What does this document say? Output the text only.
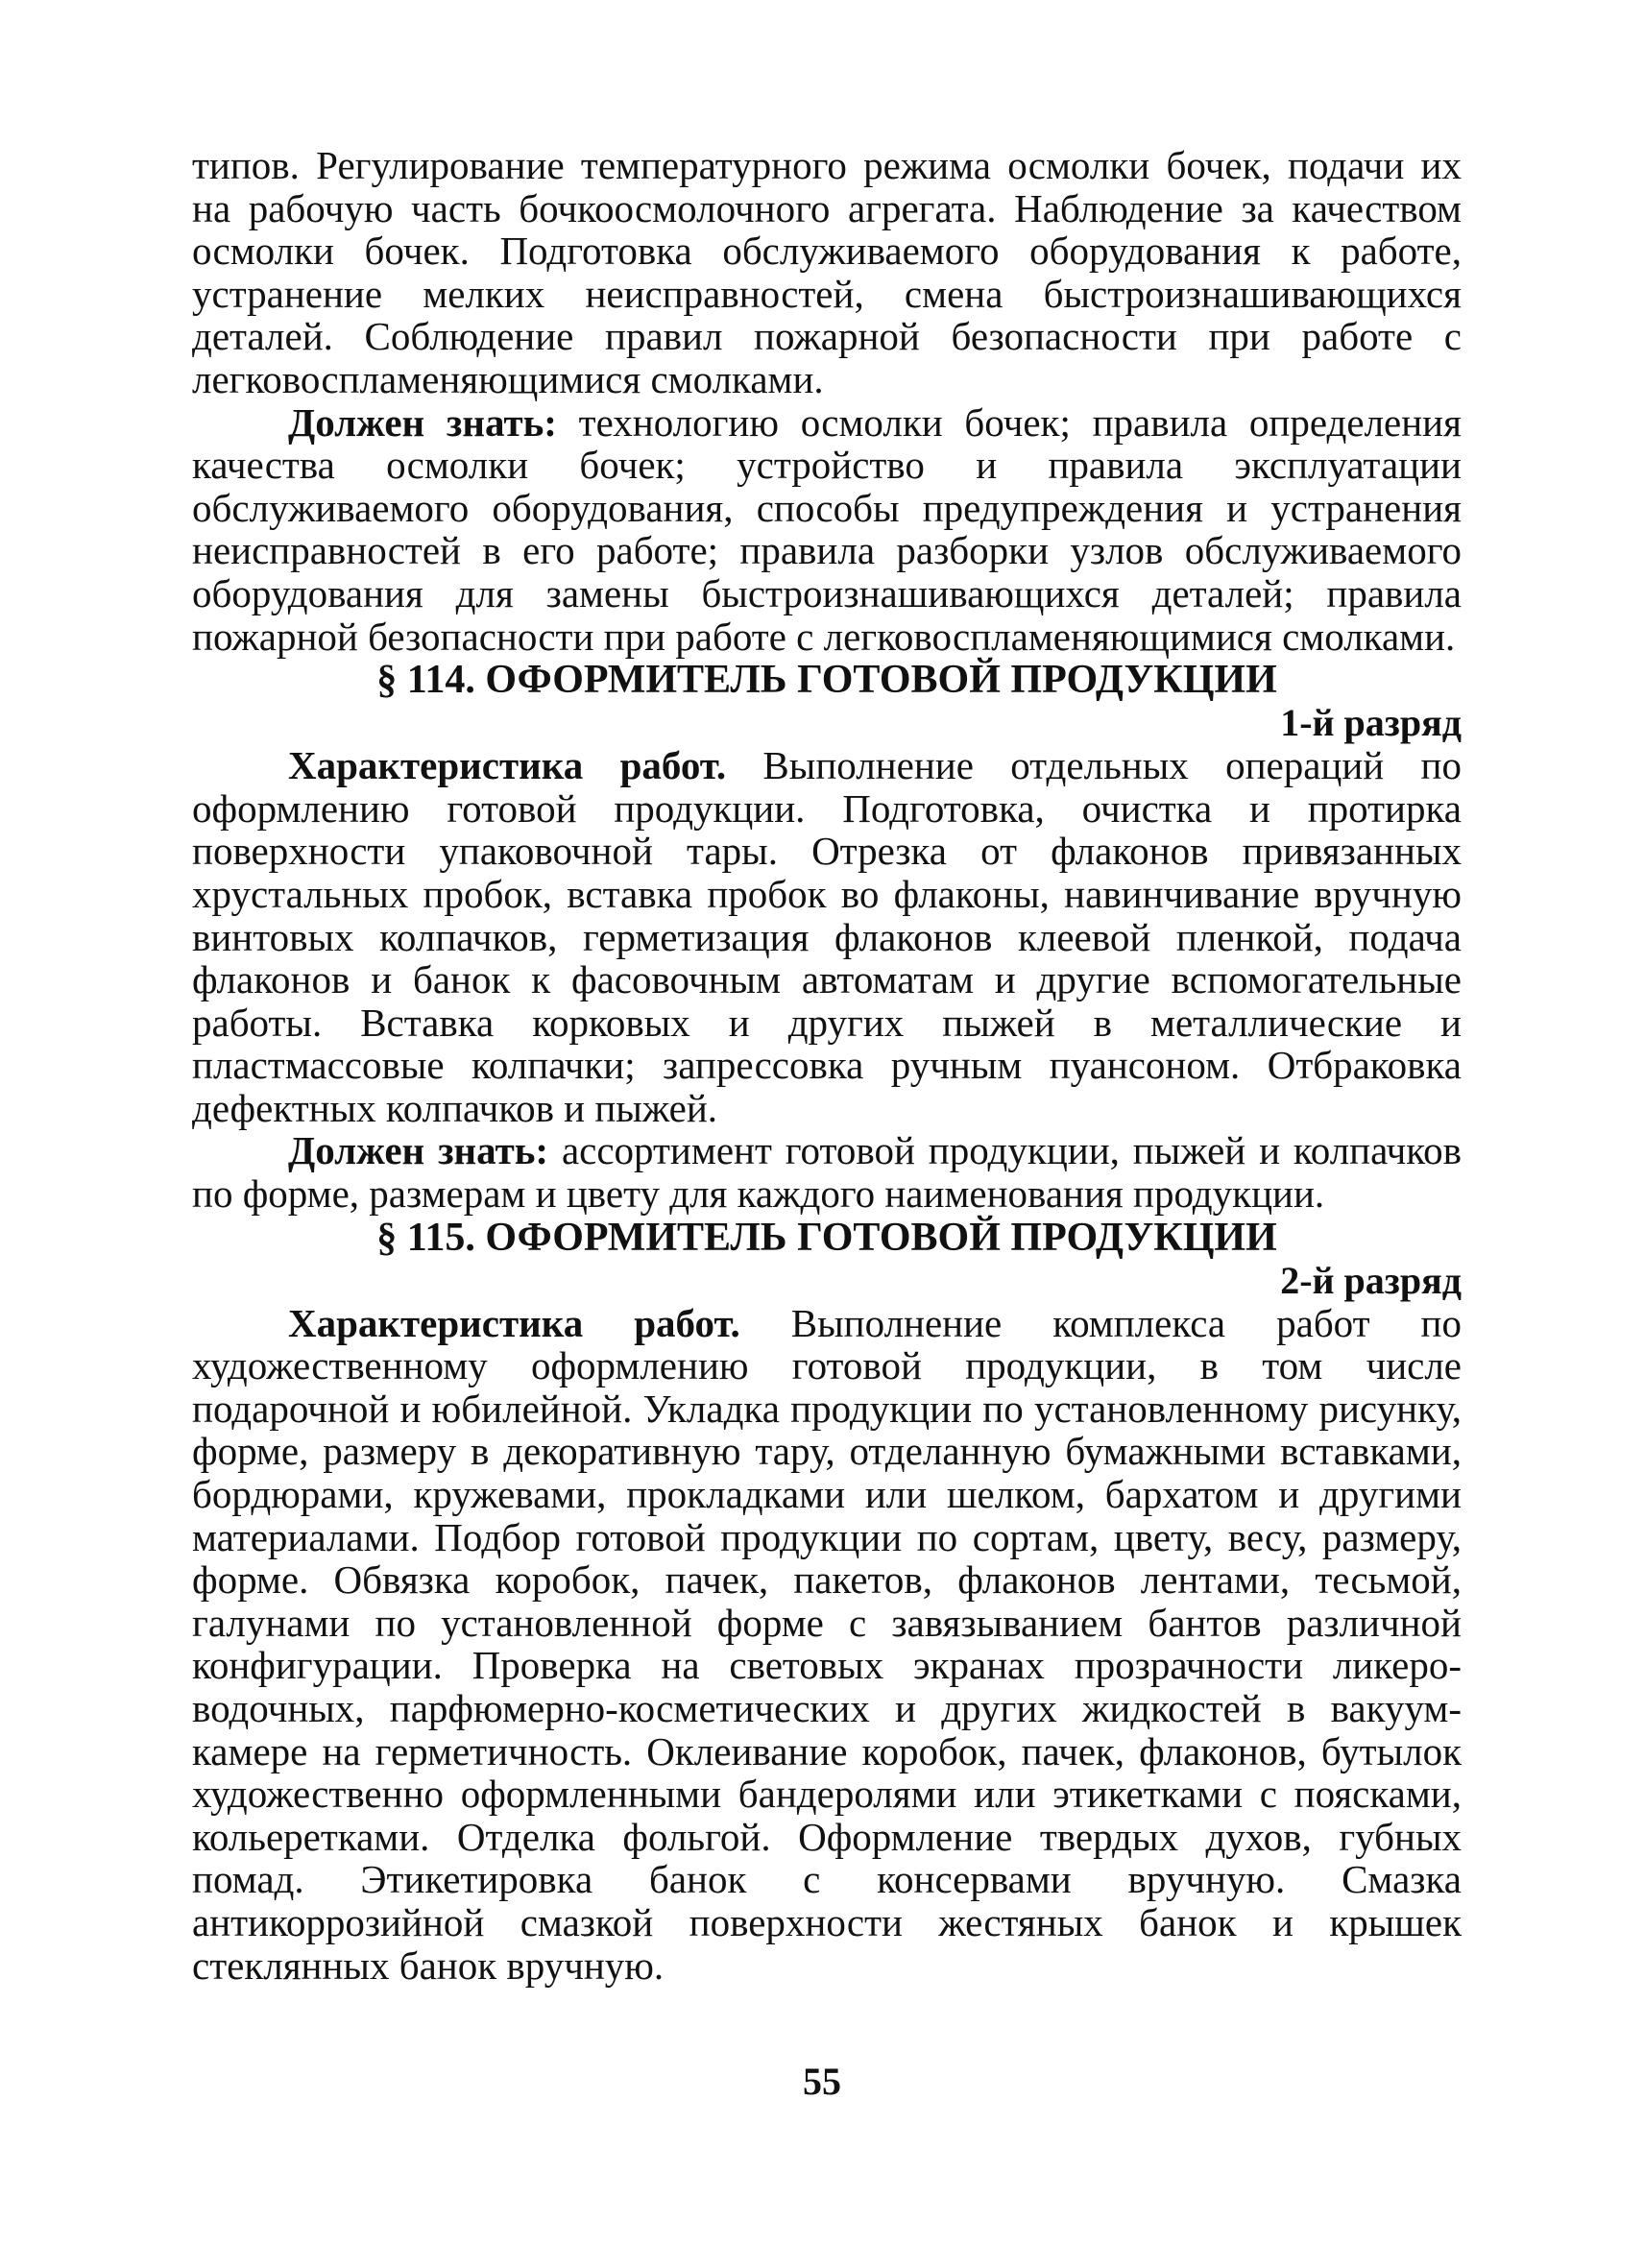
типов. Регулирование температурного режима осмолки бочек, подачи их на рабочую часть бочкоосмолочного агрегата. Наблюдение за качеством осмолки бочек. Подготовка обслуживаемого оборудования к работе, устранение мелких неисправностей, смена быстроизнашивающихся деталей. Соблюдение правил пожарной безопасности при работе с легковоспламеняющимися смолками.

Должен знать: технологию осмолки бочек; правила определения качества осмолки бочек; устройство и правила эксплуатации обслуживаемого оборудования, способы предупреждения и устранения неисправностей в его работе; правила разборки узлов обслуживаемого оборудования для замены быстроизнашивающихся деталей; правила пожарной безопасности при работе с легковоспламеняющимися смолками.

§ 114. ОФОРМИТЕЛЬ ГОТОВОЙ ПРОДУКЦИИ

1-й разряд

Характеристика работ. Выполнение отдельных операций по оформлению готовой продукции. Подготовка, очистка и протирка поверхности упаковочной тары. Отрезка от флаконов привязанных хрустальных пробок, вставка пробок во флаконы, навинчивание вручную винтовых колпачков, герметизация флаконов клеевой пленкой, подача флаконов и банок к фасовочным автоматам и другие вспомогательные работы. Вставка корковых и других пыжей в металлические и пластмассовые колпачки; запрессовка ручным пуансоном. Отбраковка дефектных колпачков и пыжей.

Должен знать: ассортимент готовой продукции, пыжей и колпачков по форме, размерам и цвету для каждого наименования продукции.

§ 115. ОФОРМИТЕЛЬ ГОТОВОЙ ПРОДУКЦИИ

2-й разряд

Характеристика работ. Выполнение комплекса работ по художественному оформлению готовой продукции, в том числе подарочной и юбилейной. Укладка продукции по установленному рисунку, форме, размеру в декоративную тару, отделанную бумажными вставками, бордюрами, кружевами, прокладками или шелком, бархатом и другими материалами. Подбор готовой продукции по сортам, цвету, весу, размеру, форме. Обвязка коробок, пачек, пакетов, флаконов лентами, тесьмой, галунами по установленной форме с завязыванием бантов различной конфигурации. Проверка на световых экранах прозрачности ликеро-водочных, парфюмерно-косметических и других жидкостей в вакуум-камере на герметичность. Оклеивание коробок, пачек, флаконов, бутылок художественно оформленными бандеролями или этикетками с поясками, кольеретками. Отделка фольгой. Оформление твердых духов, губных помад. Этикетировка банок с консервами вручную. Смазка антикоррозийной смазкой поверхности жестяных банок и крышек стеклянных банок вручную.

55
